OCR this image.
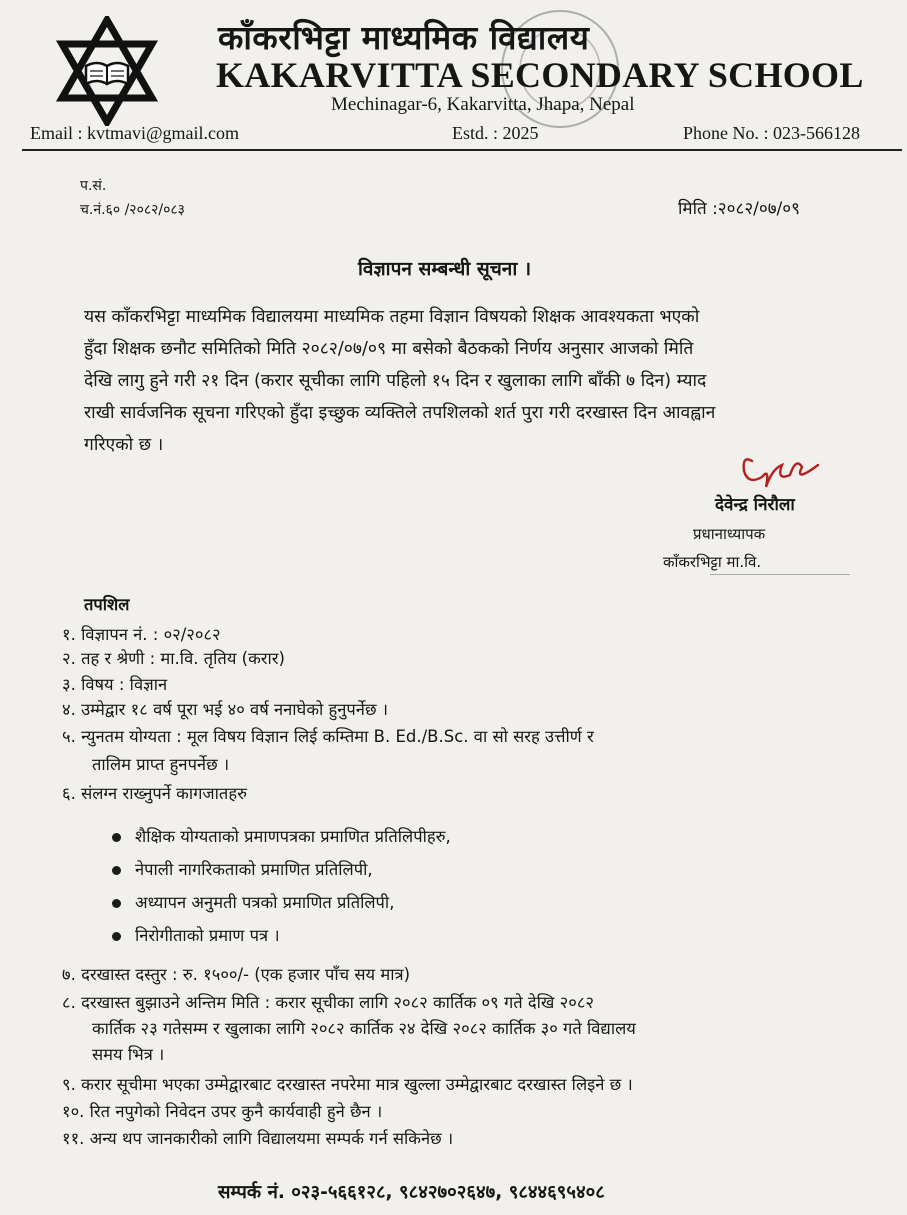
काँकरभिट्टा माध्यमिक विद्यालय
KAKARVITTA SECONDARY SCHOOL
Mechinagar-6, Kakarvitta, Jhapa, Nepal
Email : kvtmavi@gmail.com	Estd. : 2025	Phone No. : 023-566128
प.सं.
च.नं.६० /२०८२/०८३	मिति :२०८२/०७/०९
विज्ञापन सम्बन्धी सूचना ।
यस काँकरभिट्टा माध्यमिक विद्यालयमा माध्यमिक तहमा विज्ञान विषयको शिक्षक आवश्यकता भएको
हुँदा शिक्षक छनौट समितिको मिति २०८२/०७/०९ मा बसेको बैठकको निर्णय अनुसार आजको मिति
देखि लागु हुने गरी २१ दिन (करार सूचीका लागि पहिलो १५ दिन र खुलाका लागि बाँकी ७ दिन) म्याद
राखी सार्वजनिक सूचना गरिएको हुँदा इच्छुक व्यक्तिले तपशिलको शर्त पुरा गरी दरखास्त दिन आवह्वान
गरिएको छ ।
देवेन्द्र निरौला
प्रधानाध्यापक
काँकरभिट्टा मा.वि.
तपशिल
१. विज्ञापन नं. : ०२/२०८२
२. तह र श्रेणी : मा.वि. तृतिय (करार)
३. विषय : विज्ञान
४. उम्मेद्वार १८ वर्ष पूरा भई ४० वर्ष ननाघेको हुनुपर्नेछ ।
५. न्युनतम योग्यता : मूल विषय विज्ञान लिई कम्तिमा B. Ed./B.Sc. वा सो सरह उत्तीर्ण र
तालिम प्राप्त हुनपर्नेछ ।
६. संलग्न राख्नुपर्ने कागजातहरु
शैक्षिक योग्यताको प्रमाणपत्रका प्रमाणित प्रतिलिपीहरु,
नेपाली नागरिकताको प्रमाणित प्रतिलिपी,
अध्यापन अनुमती पत्रको प्रमाणित प्रतिलिपी,
निरोगीताको प्रमाण पत्र ।
७. दरखास्त दस्तुर : रु. १५००/- (एक हजार पाँच सय मात्र)
८. दरखास्त बुझाउने अन्तिम मिति : करार सूचीका लागि २०८२ कार्तिक ०९ गते देखि २०८२
कार्तिक २३ गतेसम्म र खुलाका लागि २०८२ कार्तिक २४ देखि २०८२ कार्तिक ३० गते विद्यालय
समय भित्र ।
९. करार सूचीमा भएका उम्मेद्वारबाट दरखास्त नपरेमा मात्र खुल्ला उम्मेद्वारबाट दरखास्त लिइने छ ।
१०. रित नपुगेको निवेदन उपर कुनै कार्यवाही हुने छैन ।
११. अन्य थप जानकारीको लागि विद्यालयमा सम्पर्क गर्न सकिनेछ ।
सम्पर्क नं. ०२३-५६६१२८, ९८४२७०२६४७, ९८४४६९५४०८
